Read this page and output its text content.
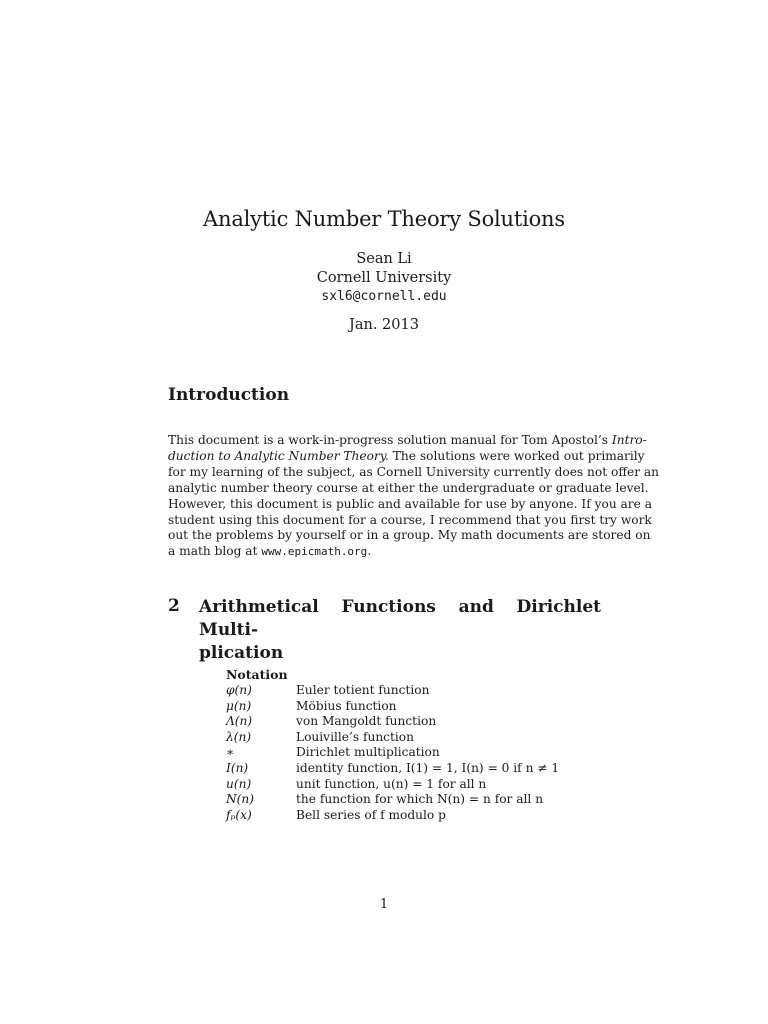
Analytic Number Theory Solutions
Sean Li
Cornell University
sxl6@cornell.edu
Jan. 2013
Introduction
This document is a work-in-progress solution manual for Tom Apostol’s Intro-
duction to Analytic Number Theory. The solutions were worked out primarily
for my learning of the subject, as Cornell University currently does not offer an
analytic number theory course at either the undergraduate or graduate level.
However, this document is public and available for use by anyone. If you are a
student using this document for a course, I recommend that you first try work
out the problems by yourself or in a group. My math documents are stored on
a math blog at www.epicmath.org.
2 Arithmetical Functions and Dirichlet Multi-
plication
Notation
φ(n)	Euler totient function
μ(n)	Möbius function
Λ(n)	von Mangoldt function
λ(n)	Louiville’s function
∗	Dirichlet multiplication
I(n)	identity function, I(1) = 1, I(n) = 0 if n ≠ 1
u(n)	unit function, u(n) = 1 for all n
N(n)	the function for which N(n) = n for all n
fₚ(x)	Bell series of f modulo p
1
